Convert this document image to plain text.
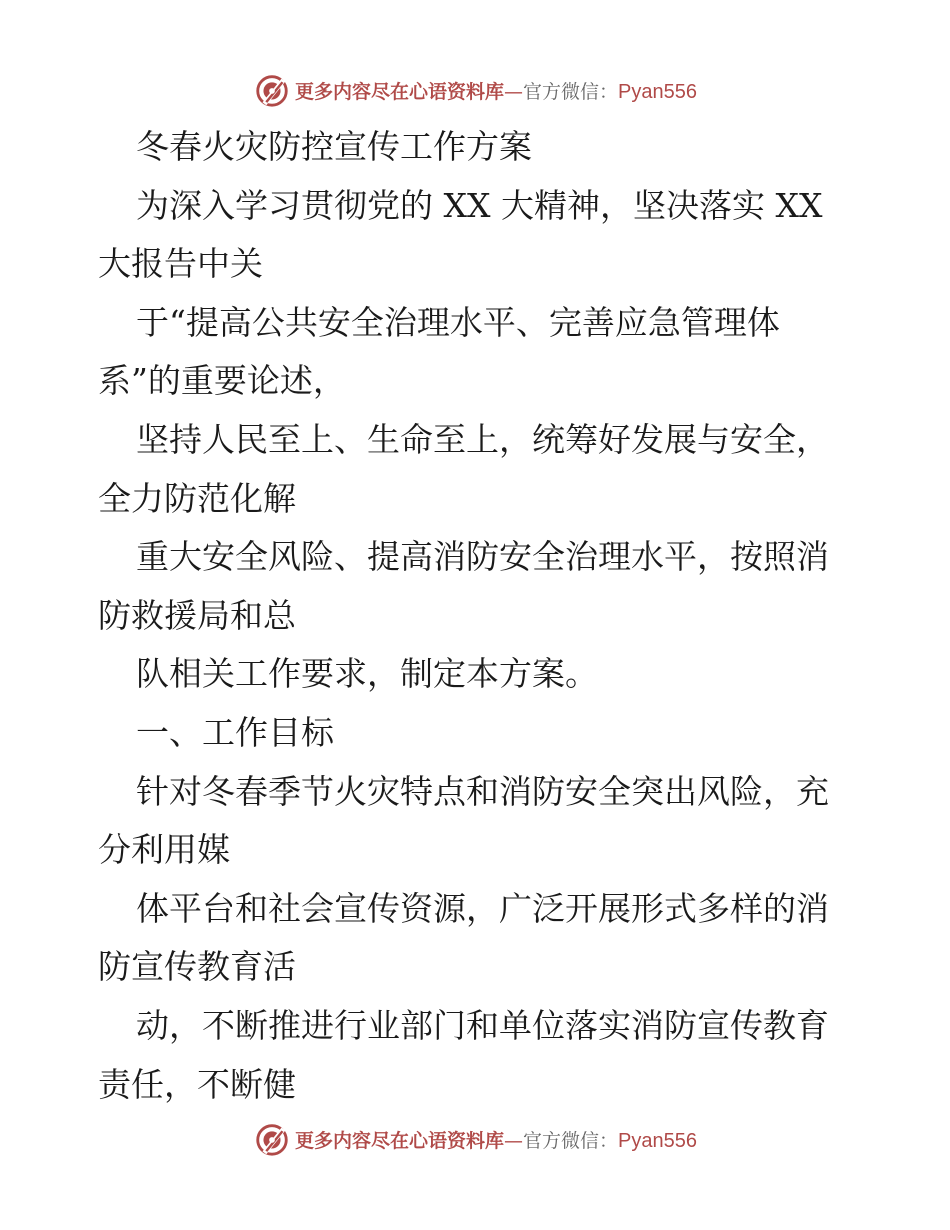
更多内容尽在心语资料库—官方微信：Pyan556

冬春火灾防控宣传工作方案

为深入学习贯彻党的 XX 大精神，坚决落实 XX

大报告中关

于“提高公共安全治理水平、完善应急管理体

系”的重要论述，

坚持人民至上、生命至上，统筹好发展与安全，

全力防范化解

重大安全风险、提高消防安全治理水平，按照消

防救援局和总

队相关工作要求，制定本方案。

一、工作目标

针对冬春季节火灾特点和消防安全突出风险，充

分利用媒

体平台和社会宣传资源，广泛开展形式多样的消

防宣传教育活

动，不断推进行业部门和单位落实消防宣传教育

责任，不断健

更多内容尽在心语资料库—官方微信：Pyan556
